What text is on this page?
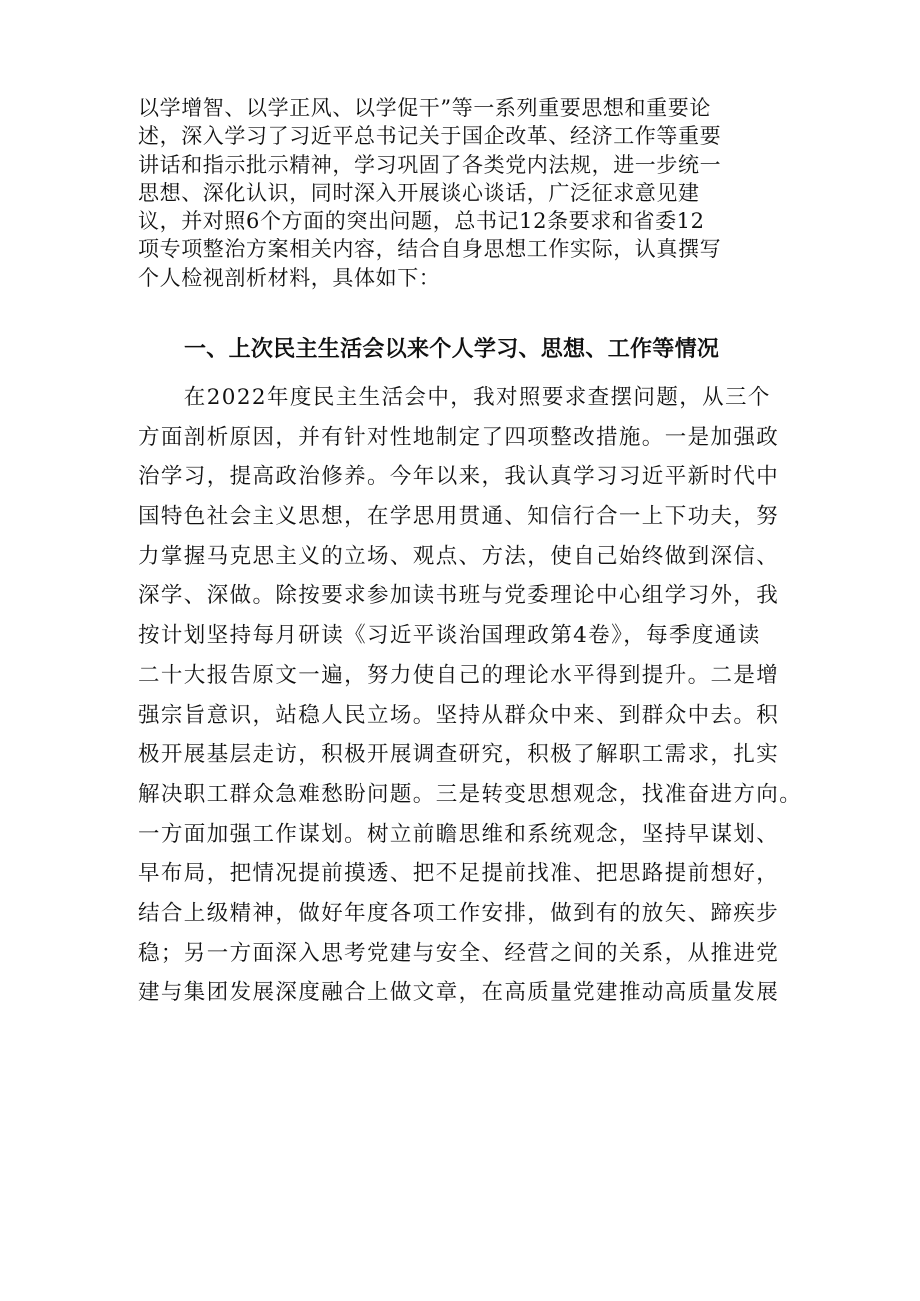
以学增智、以学正风、以学促干”等一系列重要思想和重要论
述，深入学习了习近平总书记关于国企改革、经济工作等重要
讲话和指示批示精神，学习巩固了各类党内法规，进一步统一
思想、深化认识，同时深入开展谈心谈话，广泛征求意见建
议，并对照6个方面的突出问题，总书记12条要求和省委12
项专项整治方案相关内容，结合自身思想工作实际，认真撰写
个人检视剖析材料，具体如下：
一、上次民主生活会以来个人学习、思想、工作等情况
　　在2022年度民主生活会中，我对照要求查摆问题，从三个
方面剖析原因，并有针对性地制定了四项整改措施。一是加强政
治学习，提高政治修养。今年以来，我认真学习习近平新时代中
国特色社会主义思想，在学思用贯通、知信行合一上下功夫，努
力掌握马克思主义的立场、观点、方法，使自己始终做到深信、
深学、深做。除按要求参加读书班与党委理论中心组学习外，我
按计划坚持每月研读《习近平谈治国理政第4卷》，每季度通读
二十大报告原文一遍，努力使自己的理论水平得到提升。二是增
强宗旨意识，站稳人民立场。坚持从群众中来、到群众中去。积
极开展基层走访，积极开展调查研究，积极了解职工需求，扎实
解决职工群众急难愁盼问题。三是转变思想观念，找准奋进方向。
一方面加强工作谋划。树立前瞻思维和系统观念，坚持早谋划、
早布局，把情况提前摸透、把不足提前找准、把思路提前想好，
结合上级精神，做好年度各项工作安排，做到有的放矢、蹄疾步
稳；另一方面深入思考党建与安全、经营之间的关系，从推进党
建与集团发展深度融合上做文章，在高质量党建推动高质量发展
